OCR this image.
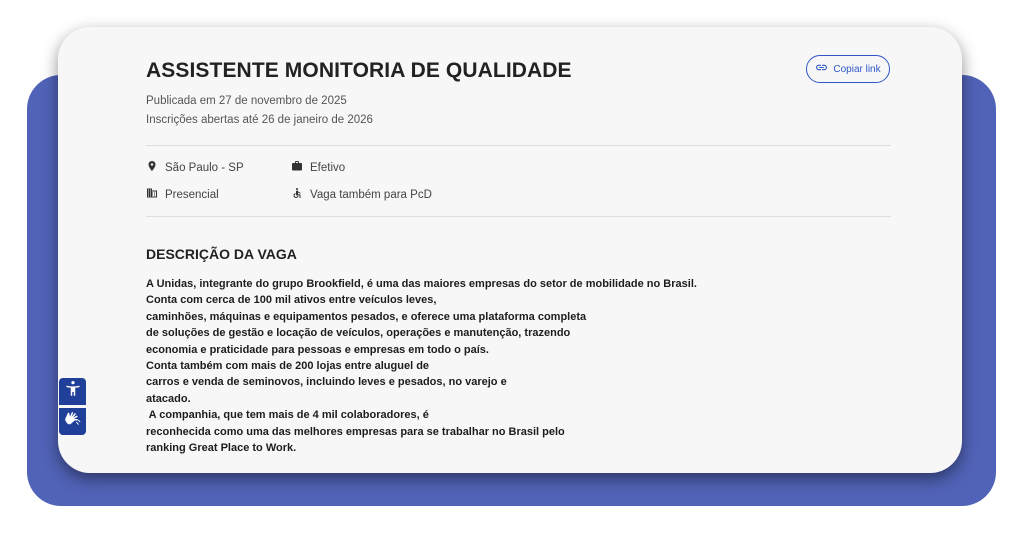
ASSISTENTE MONITORIA DE QUALIDADE	Copiar link
Publicada em 27 de novembro de 2025
Inscrições abertas até 26 de janeiro de 2026
São Paulo - SP	Efetivo
Presencial	Vaga também para PcD
DESCRIÇÃO DA VAGA
A Unidas, integrante do grupo Brookfield, é uma das maiores empresas do setor de mobilidade no Brasil.
Conta com cerca de 100 mil ativos entre veículos leves,
caminhões, máquinas e equipamentos pesados, e oferece uma plataforma completa
de soluções de gestão e locação de veículos, operações e manutenção, trazendo
economia e praticidade para pessoas e empresas em todo o país.
Conta também com mais de 200 lojas entre aluguel de
carros e venda de seminovos, incluindo leves e pesados, no varejo e
atacado.
A companhia, que tem mais de 4 mil colaboradores, é
reconhecida como uma das melhores empresas para se trabalhar no Brasil pelo
ranking Great Place to Work.
